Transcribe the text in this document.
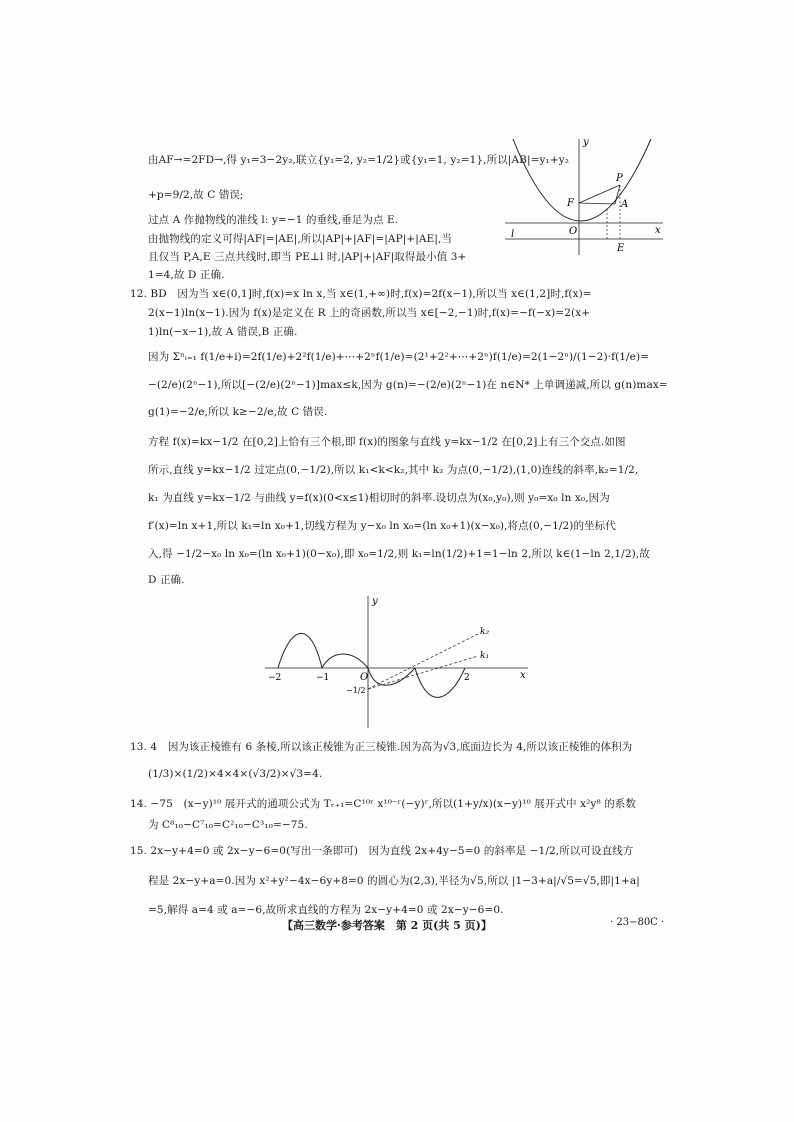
由AF→=2FD→,得 y₁=3−2y₂,联立{y₁=2, y₂=1/2}或{y₁=1, y₂=1},所以|AB|=y₁+y₂
+p=9/2,故 C 错误;
过点 A 作抛物线的准线 l: y=−1 的垂线,垂足为点 E.
由抛物线的定义可得|AF|=|AE|,所以|AP|+|AF|=|AP|+|AE|,当
且仅当 P,A,E 三点共线时,即当 PE⊥l 时,|AP|+|AF|取得最小值 3+
1=4,故 D 正确.
12. BD　因为当 x∈(0,1]时,f(x)=x ln x,当 x∈(1,+∞)时,f(x)=2f(x−1),所以当 x∈(1,2]时,f(x)=
2(x−1)ln(x−1).因为 f(x)是定义在 R 上的奇函数,所以当 x∈[−2,−1)时,f(x)=−f(−x)=2(x+
1)ln(−x−1),故 A 错误,B 正确.
因为 Σⁿᵢ₌₁ f(1/e+i)=2f(1/e)+2²f(1/e)+⋯+2ⁿf(1/e)=(2¹+2²+⋯+2ⁿ)f(1/e)=2(1−2ⁿ)/(1−2)·f(1/e)=
−(2/e)(2ⁿ−1),所以[−(2/e)(2ⁿ−1)]max≤k,因为 g(n)=−(2/e)(2ⁿ−1)在 n∈N* 上单调递减,所以 g(n)max=
g(1)=−2/e,所以 k≥−2/e,故 C 错误.
方程 f(x)=kx−1/2 在[0,2]上恰有三个根,即 f(x)的图象与直线 y=kx−1/2 在[0,2]上有三个交点.如图
所示,直线 y=kx−1/2 过定点(0,−1/2),所以 k₁<k<k₂,其中 k₂ 为点(0,−1/2),(1,0)连线的斜率,k₂=1/2,
k₁ 为直线 y=kx−1/2 与曲线 y=f(x)(0<x≤1)相切时的斜率.设切点为(x₀,y₀),则 y₀=x₀ ln x₀,因为
f′(x)=ln x+1,所以 k₁=ln x₀+1,切线方程为 y−x₀ ln x₀=(ln x₀+1)(x−x₀),将点(0,−1/2)的坐标代
入,得 −1/2−x₀ ln x₀=(ln x₀+1)(0−x₀),即 x₀=1/2,则 k₁=ln(1/2)+1=1−ln 2,所以 k∈(1−ln 2,1/2),故
D 正确.
13. 4　因为该正棱锥有 6 条棱,所以该正棱锥为正三棱锥.因为高为√3,底面边长为 4,所以该正棱锥的体积为
(1/3)×(1/2)×4×4×(√3/2)×√3=4.
14. −75　(x−y)¹⁰ 展开式的通项公式为 Tᵣ₊₁=C¹⁰ʳ x¹⁰⁻ʳ(−y)ʳ,所以(1+y/x)(x−y)¹⁰ 展开式中 x²y⁸ 的系数
为 C⁸₁₀−C⁷₁₀=C²₁₀−C³₁₀=−75.
15. 2x−y+4=0 或 2x−y−6=0(写出一条即可)　因为直线 2x+4y−5=0 的斜率是 −1/2,所以可设直线方
程是 2x−y+a=0.因为 x²+y²−4x−6y+8=0 的圆心为(2,3),半径为√5,所以 |1−3+a|/√5=√5,即|1+a|
=5,解得 a=4 或 a=−6,故所求直线的方程为 2x−y+4=0 或 2x−y−6=0.
y
x
P
F	A
O
E
l
y
x
O
k₂
k₁
−2	−1	2
−1/2
【高三数学·参考答案　第 2 页(共 5 页)】	· 23−80C ·
